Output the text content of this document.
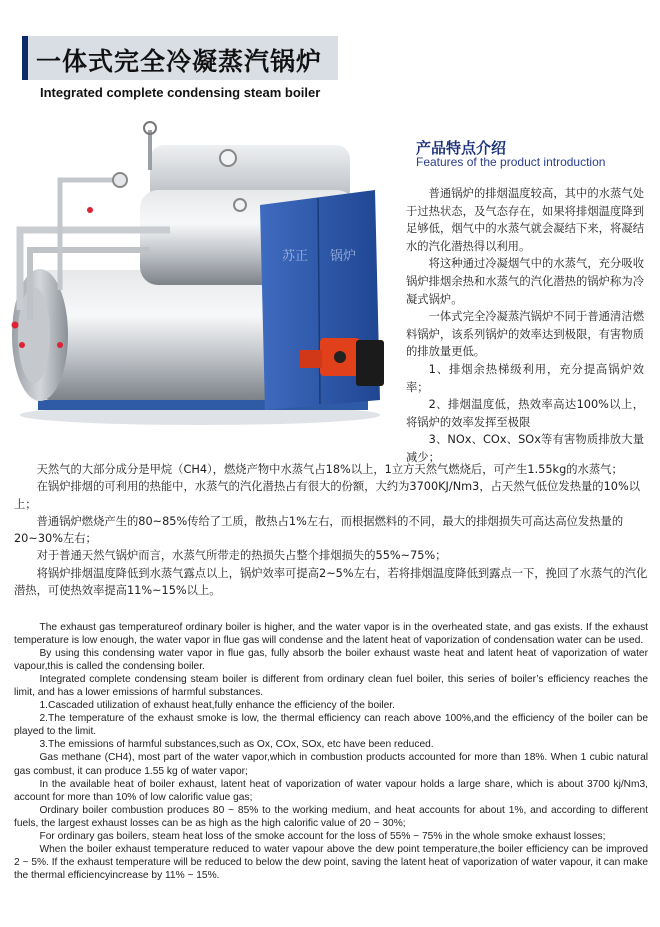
一体式完全冷凝蒸汽锅炉
Integrated complete condensing steam boiler
苏正 锅炉
产品特点介绍
Features of the product introduction

普通锅炉的排烟温度较高，其中的水蒸气处于过热状态，及气态存在，如果将排烟温度降到足够低，烟气中的水蒸气就会凝结下来，将凝结水的汽化潜热得以利用。

将这种通过冷凝烟气中的水蒸气，充分吸收锅炉排烟余热和水蒸气的汽化潜热的锅炉称为冷凝式锅炉。

一体式完全冷凝蒸汽锅炉不同于普通清洁燃料锅炉，该系列锅炉的效率达到极限，有害物质的排放量更低。

1、排烟余热梯级利用，充分提高锅炉效率；

2、排烟温度低，热效率高达100%以上，将锅炉的效率发挥至极限

3、NOx、COx、SOx等有害物质排放大量减少；

天然气的大部分成分是甲烷（CH4），燃烧产物中水蒸气占18%以上，1立方天然气燃烧后，可产生1.55kg的水蒸气；

在锅炉排烟的可利用的热能中，水蒸气的汽化潜热占有很大的份额，大约为3700KJ/Nm3，占天然气低位发热量的10%以上；

普通锅炉燃烧产生的80~85%传给了工质，散热占1%左右，而根据燃料的不同，最大的排烟损失可高达高位发热量的20~30%左右；

对于普通天然气锅炉而言，水蒸气所带走的热损失占整个排烟损失的55%~75%；

将锅炉排烟温度降低到水蒸气露点以上，锅炉效率可提高2~5%左右，若将排烟温度降低到露点一下，挽回了水蒸气的汽化潜热，可使热效率提高11%~15%以上。

The exhaust gas temperatureof ordinary boiler is higher, and the water vapor is in the overheated state, and gas exists. If the exhaust temperature is low enough, the water vapor in flue gas will condense and the latent heat of vaporization of condensation water can be used.

By using this condensing water vapor in flue gas, fully absorb the boiler exhaust waste heat and latent heat of vaporization of water vapour,this is called the condensing boiler.

Integrated complete condensing steam boiler is different from ordinary clean fuel boiler, this series of boiler’s efficiency reaches the limit, and has a lower emissions of harmful substances.

1.Cascaded utilization of exhaust heat,fully enhance the efficiency of the boiler.

2.The temperature of the exhaust smoke is low, the thermal efficiency can reach above 100%,and the efficiency of the boiler can be played to the limit.

3.The emissions of harmful substances,such as Ox, COx, SOx, etc have been reduced.

Gas methane (CH4), most part of the water vapor,which in combustion products accounted for more than 18%. When 1 cubic natural gas combust, it can produce 1.55 kg of water vapor;

In the available heat of boiler exhaust, latent heat of vaporization of water vapour holds a large share, which is about 3700 kj/Nm3, account for more than 10% of low calorific value gas;

Ordinary boiler combustion produces 80 ~ 85% to the working medium, and heat accounts for about 1%, and according to different fuels, the largest exhaust losses can be as high as the high calorific value of 20 ~ 30%;

For ordinary gas boilers, steam heat loss of the smoke account for the loss of 55% ~ 75% in the whole smoke exhaust losses;

When the boiler exhaust temperature reduced to water vapour above the dew point temperature,the boiler efficiency can be improved 2 ~ 5%. If the exhaust temperature will be reduced to below the dew point, saving the latent heat of vaporization of water vapour, it can make the thermal efficiencyincrease by 11% ~ 15%.
